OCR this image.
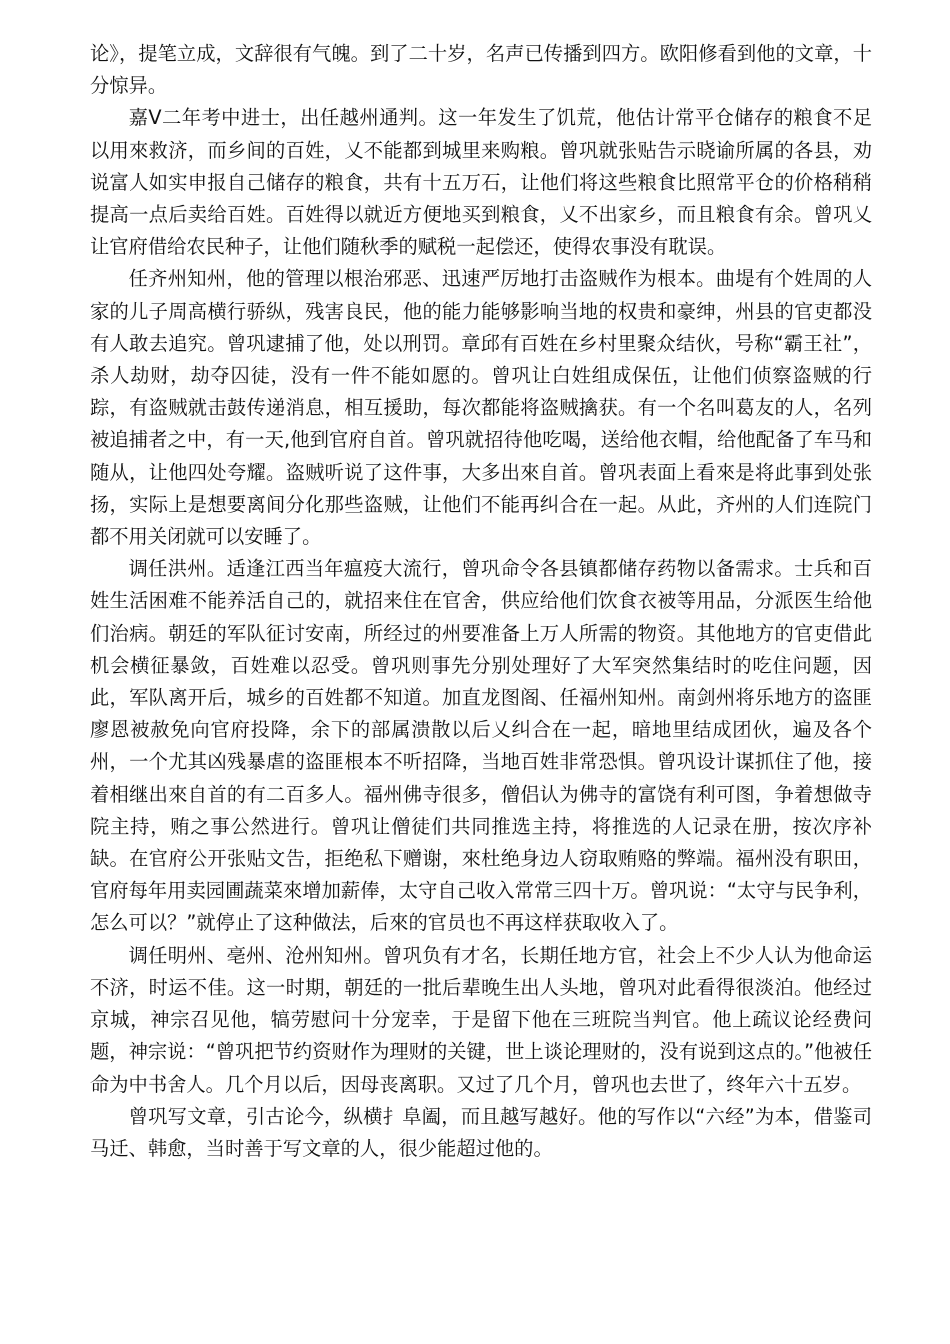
论》，提笔立成，文辞很有气魄。到了二十岁，名声已传播到四方。欧阳修看到他的文章，十分惊异。

嘉Ⅴ二年考中进士，出任越州通判。这一年发生了饥荒，他估计常平仓储存的粮食不足以用來救济，而乡间的百姓，乂不能都到城里来购粮。曾巩就张贴告示晓谕所属的各县，劝说富人如实申报自己储存的粮食，共有十五万石，让他们将这些粮食比照常平仓的价格稍稍提高一点后卖给百姓。百姓得以就近方便地买到粮食，乂不出家乡，而且粮食有余。曾巩乂让官府借给农民种子，让他们随秋季的赋税一起偿还，使得农事没有耽误。

任齐州知州，他的管理以根治邪恶、迅速严厉地打击盗贼作为根本。曲堤有个姓周的人家的儿子周高横行骄纵，残害良民，他的能力能够影响当地的权贵和豪绅，州县的官吏都没有人敢去追究。曾巩逮捕了他，处以刑罚。章邱有百姓在乡村里聚众结伙，号称“霸王社”，杀人劫财，劫夺囚徒，没有一件不能如愿的。曾巩让白姓组成保伍，让他们侦察盗贼的行踪，有盗贼就击鼓传递消息，相互援助，每次都能将盗贼擒获。有一个名叫葛友的人，名列被追捕者之中，有一天,他到官府自首。曾巩就招待他吃喝，送给他衣帽，给他配备了车马和随从，让他四处夸耀。盗贼听说了这件事，大多出來自首。曾巩表面上看來是将此事到处张扬，实际上是想要离间分化那些盗贼，让他们不能再纠合在一起。从此，齐州的人们连院门都不用关闭就可以安睡了。

调任洪州。适逢江西当年瘟疫大流行，曾巩命令各县镇都储存药物以备需求。士兵和百姓生活困难不能养活自己的，就招来住在官舍，供应给他们饮食衣被等用品，分派医生给他们治病。朝廷的军队征讨安南，所经过的州要准备上万人所需的物资。其他地方的官吏借此机会横征暴敛，百姓难以忍受。曾巩则事先分别处理好了大军突然集结时的吃住问题，因此，军队离开后，城乡的百姓都不知道。加直龙图阁、任福州知州。南剑州将乐地方的盗匪廖恩被赦免向官府投降，余下的部属溃散以后乂纠合在一起，暗地里结成团伙，遍及各个州，一个尤其凶残暴虐的盗匪根本不听招降，当地百姓非常恐惧。曾巩设计谋抓住了他，接着相继出來自首的有二百多人。福州佛寺很多，僧侣认为佛寺的富饶有利可图，争着想做寺院主持，贿之事公然进行。曾巩让僧徒们共同推选主持，将推选的人记录在册，按次序补缺。在官府公开张贴文告，拒绝私下赠谢，來杜绝身边人窃取贿赂的弊端。福州没有职田，官府每年用卖园圃蔬菜來增加薪俸，太守自己收入常常三四十万。曾巩说：“太守与民争利，怎么可以？”就停止了这种做法，后來的官员也不再这样获取收入了。

调任明州、亳州、沧州知州。曾巩负有才名，长期任地方官，社会上不少人认为他命运不济，时运不佳。这一时期，朝廷的一批后辈晚生出人头地，曾巩对此看得很淡泊。他经过京城，神宗召见他，犒劳慰问十分宠幸，于是留下他在三班院当判官。他上疏议论经费问题，神宗说：“曾巩把节约资财作为理财的关键，世上谈论理财的，没有说到这点的。”他被任命为中书舍人。几个月以后，因母丧离职。又过了几个月，曾巩也去世了，终年六十五岁。

曾巩写文章，引古论今，纵横扌阜阖，而且越写越好。他的写作以“六经”为本，借鉴司马迁、韩愈，当时善于写文章的人，很少能超过他的。
